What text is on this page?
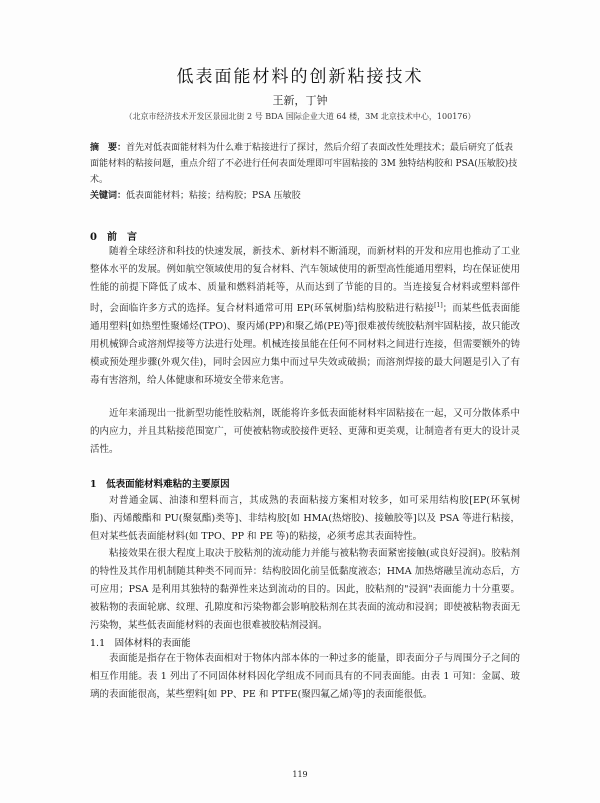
低表面能材料的创新粘接技术
王新，丁钟
（北京市经济技术开发区景园北街 2 号 BDA 国际企业大道 64 楼，3M 北京技术中心，100176）
摘　要：首先对低表面能材料为什么难于粘接进行了探讨，然后介绍了表面改性处理技术；最后研究了低表面能材料的粘接问题，重点介绍了不必进行任何表面处理即可牢固粘接的 3M 独特结构胶和 PSA(压敏胶)技术。
关键词：低表面能材料；粘接；结构胶；PSA 压敏胶
0　前　言

随着全球经济和科技的快速发展，新技术、新材料不断涌现，而新材料的开发和应用也推动了工业整体水平的发展。例如航空领域使用的复合材料、汽车领域使用的新型高性能通用塑料，均在保证使用性能的前提下降低了成本、质量和燃料消耗等，从而达到了节能的目的。当连接复合材料或塑料部件时，会面临许多方式的选择。复合材料通常可用 EP(环氧树脂)结构胶粘进行粘接[1]；而某些低表面能通用塑料[如热塑性聚烯烃(TPO)、聚丙烯(PP)和聚乙烯(PE)等]很难被传统胶粘剂牢固粘接，故只能改用机械铆合或溶剂焊接等方法进行处理。机械连接虽能在任何不同材料之间进行连接，但需要额外的铸模或预处理步骤(外观欠佳)，同时会因应力集中而过早失效或破损；而溶剂焊接的最大问题是引入了有毒有害溶剂，给人体健康和环境安全带来危害。

近年来涌现出一批新型功能性胶粘剂，既能将许多低表面能材料牢固粘接在一起，又可分散体系中的内应力，并且其粘接范围宽广，可使被粘物或胶接件更轻、更薄和更美观，让制造者有更大的设计灵活性。

1　低表面能材料难粘的主要原因

对普通金属、油漆和塑料而言，其成熟的表面粘接方案相对较多，如可采用结构胶[EP(环氧树脂)、丙烯酸酯和 PU(聚氨酯)类等]、非结构胶[如 HMA(热熔胶)、接触胶等]以及 PSA 等进行粘接，但对某些低表面能材料(如 TPO、PP 和 PE 等)的粘接，必须考虑其表面特性。

粘接效果在很大程度上取决于胶粘剂的流动能力并能与被粘物表面紧密接触(或良好浸润)。胶粘剂的特性及其作用机制随其种类不同而异：结构胶固化前呈低黏度液态；HMA 加热熔融呈流动态后，方可应用；PSA 是利用其独特的黏弹性来达到流动的目的。因此，胶粘剂的"浸润"表面能力十分重要。被粘物的表面轮廓、纹理、孔隙度和污染物都会影响胶粘剂在其表面的流动和浸润；即使被粘物表面无污染物，某些低表面能材料的表面也很难被胶粘剂浸润。

1.1　固体材料的表面能

表面能是指存在于物体表面相对于物体内部本体的一种过多的能量，即表面分子与周围分子之间的相互作用能。表 1 列出了不同固体材料因化学组成不同而具有的不同表面能。由表 1 可知：金属、玻璃的表面能很高，某些塑料[如 PP、PE 和 PTFE(聚四氟乙烯)等]的表面能很低。

119
